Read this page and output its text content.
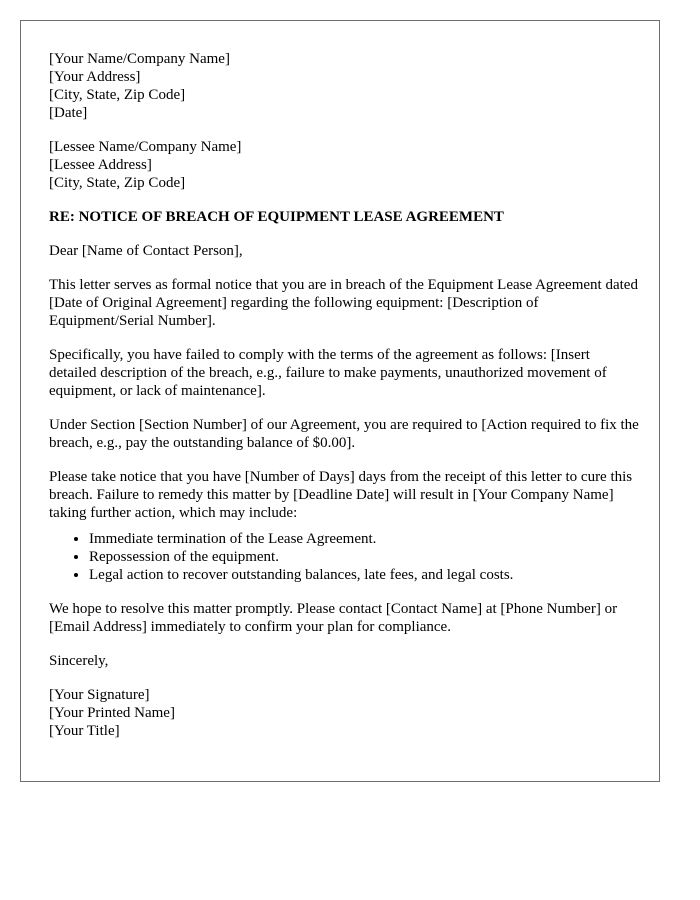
[Your Name/Company Name]
[Your Address]
[City, State, Zip Code]
[Date]
[Lessee Name/Company Name]
[Lessee Address]
[City, State, Zip Code]
RE: NOTICE OF BREACH OF EQUIPMENT LEASE AGREEMENT

Dear [Name of Contact Person],

This letter serves as formal notice that you are in breach of the Equipment Lease Agreement dated [Date of Original Agreement] regarding the following equipment: [Description of Equipment/Serial Number].

Specifically, you have failed to comply with the terms of the agreement as follows: [Insert detailed description of the breach, e.g., failure to make payments, unauthorized movement of equipment, or lack of maintenance].

Under Section [Section Number] of our Agreement, you are required to [Action required to fix the breach, e.g., pay the outstanding balance of $0.00].

Please take notice that you have [Number of Days] days from the receipt of this letter to cure this breach. Failure to remedy this matter by [Deadline Date] will result in [Your Company Name] taking further action, which may include:

• Immediate termination of the Lease Agreement.
• Repossession of the equipment.
• Legal action to recover outstanding balances, late fees, and legal costs.

We hope to resolve this matter promptly. Please contact [Contact Name] at [Phone Number] or [Email Address] immediately to confirm your plan for compliance.

Sincerely,

[Your Signature]
[Your Printed Name]
[Your Title]
